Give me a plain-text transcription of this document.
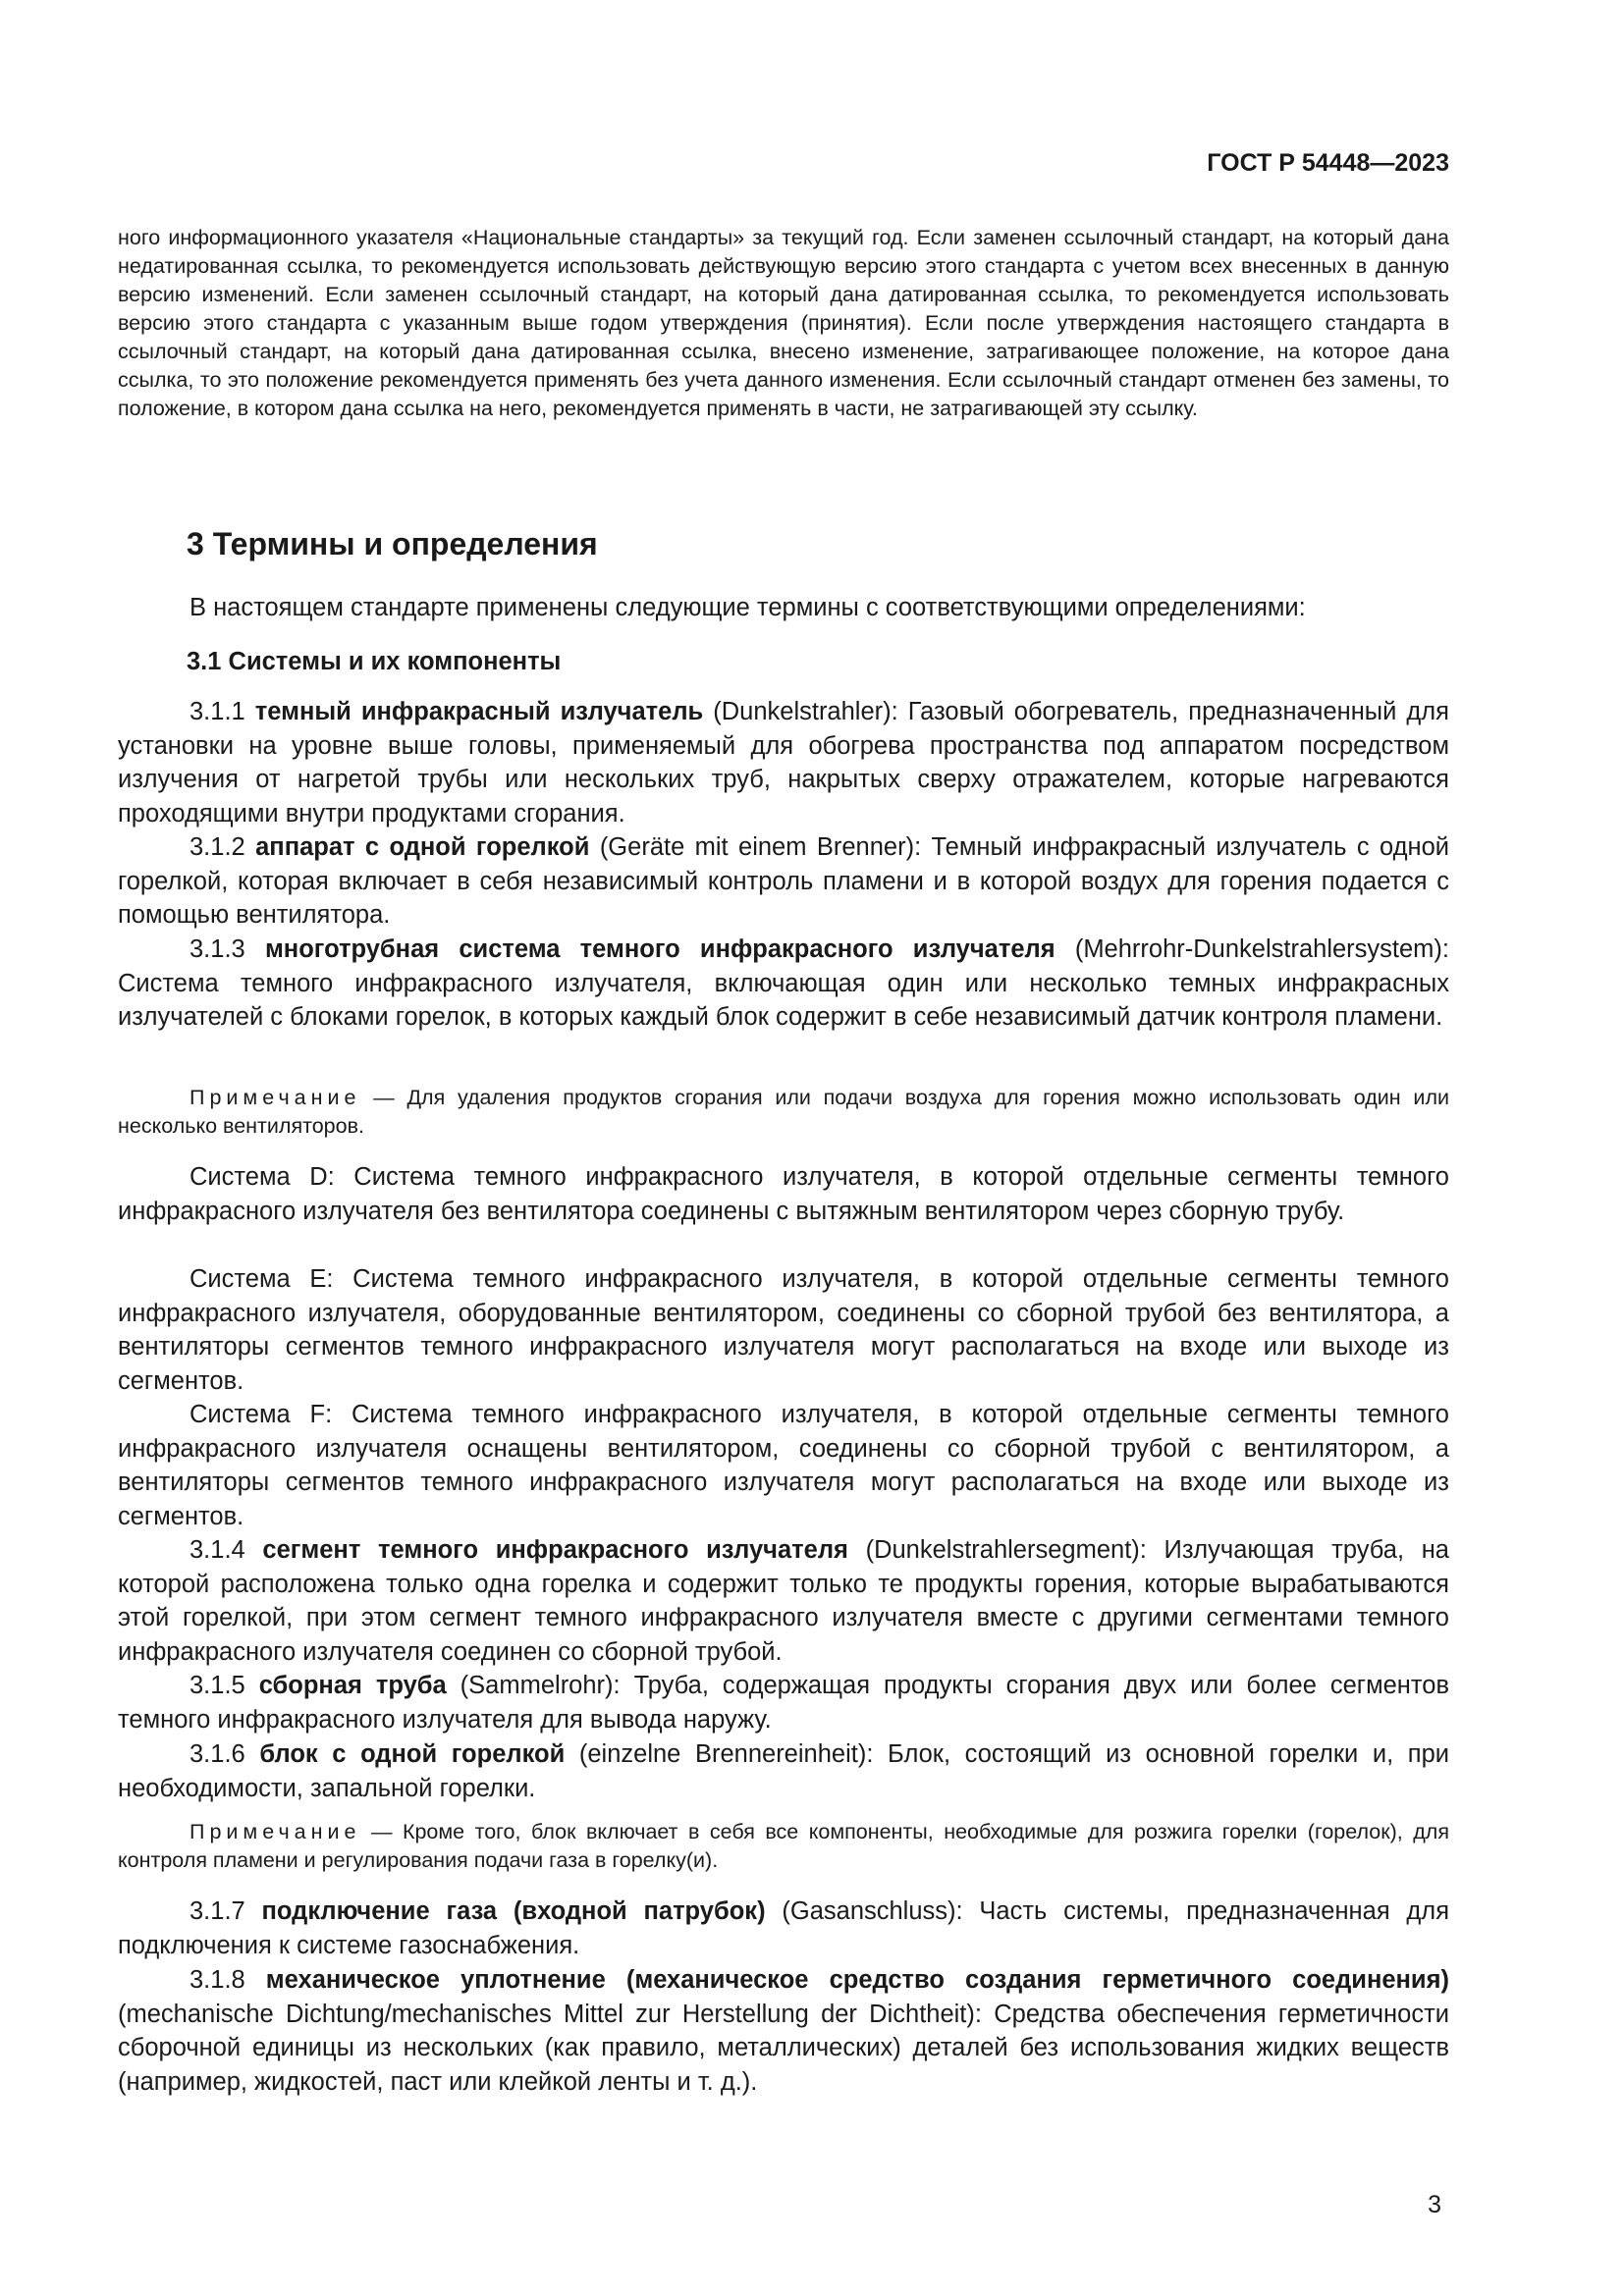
ГОСТ Р 54448—2023
ного информационного указателя «Национальные стандарты» за текущий год. Если заменен ссылочный стандарт, на который дана недатированная ссылка, то рекомендуется использовать действующую версию этого стандарта с учетом всех внесенных в данную версию изменений. Если заменен ссылочный стандарт, на который дана датированная ссылка, то рекомендуется использовать версию этого стандарта с указанным выше годом утверждения (принятия). Если после утверждения настоящего стандарта в ссылочный стандарт, на который дана датированная ссылка, внесено изменение, затрагивающее положение, на которое дана ссылка, то это положение рекомендуется применять без учета данного изменения. Если ссылочный стандарт отменен без замены, то положение, в котором дана ссылка на него, рекомендуется применять в части, не затрагивающей эту ссылку.
3 Термины и определения
В настоящем стандарте применены следующие термины с соответствующими определениями:
3.1 Системы и их компоненты
3.1.1 темный инфракрасный излучатель (Dunkelstrahler): Газовый обогреватель, предназначенный для установки на уровне выше головы, применяемый для обогрева пространства под аппаратом посредством излучения от нагретой трубы или нескольких труб, накрытых сверху отражателем, которые нагреваются проходящими внутри продуктами сгорания.
3.1.2 аппарат с одной горелкой (Geräte mit einem Brenner): Темный инфракрасный излучатель с одной горелкой, которая включает в себя независимый контроль пламени и в которой воздух для горения подается с помощью вентилятора.
3.1.3 многотрубная система темного инфракрасного излучателя (Mehrrohr-Dunkelstrahlersystem): Система темного инфракрасного излучателя, включающая один или несколько темных инфракрасных излучателей с блоками горелок, в которых каждый блок содержит в себе независимый датчик контроля пламени.
Примечание — Для удаления продуктов сгорания или подачи воздуха для горения можно использовать один или несколько вентиляторов.
Система D: Система темного инфракрасного излучателя, в которой отдельные сегменты темного инфракрасного излучателя без вентилятора соединены с вытяжным вентилятором через сборную трубу.
Система E: Система темного инфракрасного излучателя, в которой отдельные сегменты темного инфракрасного излучателя, оборудованные вентилятором, соединены со сборной трубой без вентилятора, а вентиляторы сегментов темного инфракрасного излучателя могут располагаться на входе или выходе из сегментов.
Система F: Система темного инфракрасного излучателя, в которой отдельные сегменты темного инфракрасного излучателя оснащены вентилятором, соединены со сборной трубой с вентилятором, а вентиляторы сегментов темного инфракрасного излучателя могут располагаться на входе или выходе из сегментов.
3.1.4 сегмент темного инфракрасного излучателя (Dunkelstrahlersegment): Излучающая труба, на которой расположена только одна горелка и содержит только те продукты горения, которые вырабатываются этой горелкой, при этом сегмент темного инфракрасного излучателя вместе с другими сегментами темного инфракрасного излучателя соединен со сборной трубой.
3.1.5 сборная труба (Sammelrohr): Труба, содержащая продукты сгорания двух или более сегментов темного инфракрасного излучателя для вывода наружу.
3.1.6 блок с одной горелкой (einzelne Brennereinheit): Блок, состоящий из основной горелки и, при необходимости, запальной горелки.
Примечание — Кроме того, блок включает в себя все компоненты, необходимые для розжига горелки (горелок), для контроля пламени и регулирования подачи газа в горелку(и).
3.1.7 подключение газа (входной патрубок) (Gasanschluss): Часть системы, предназначенная для подключения к системе газоснабжения.
3.1.8 механическое уплотнение (механическое средство создания герметичного соединения) (mechanische Dichtung/mechanisches Mittel zur Herstellung der Dichtheit): Средства обеспечения герметичности сборочной единицы из нескольких (как правило, металлических) деталей без использования жидких веществ (например, жидкостей, паст или клейкой ленты и т. д.).
3
